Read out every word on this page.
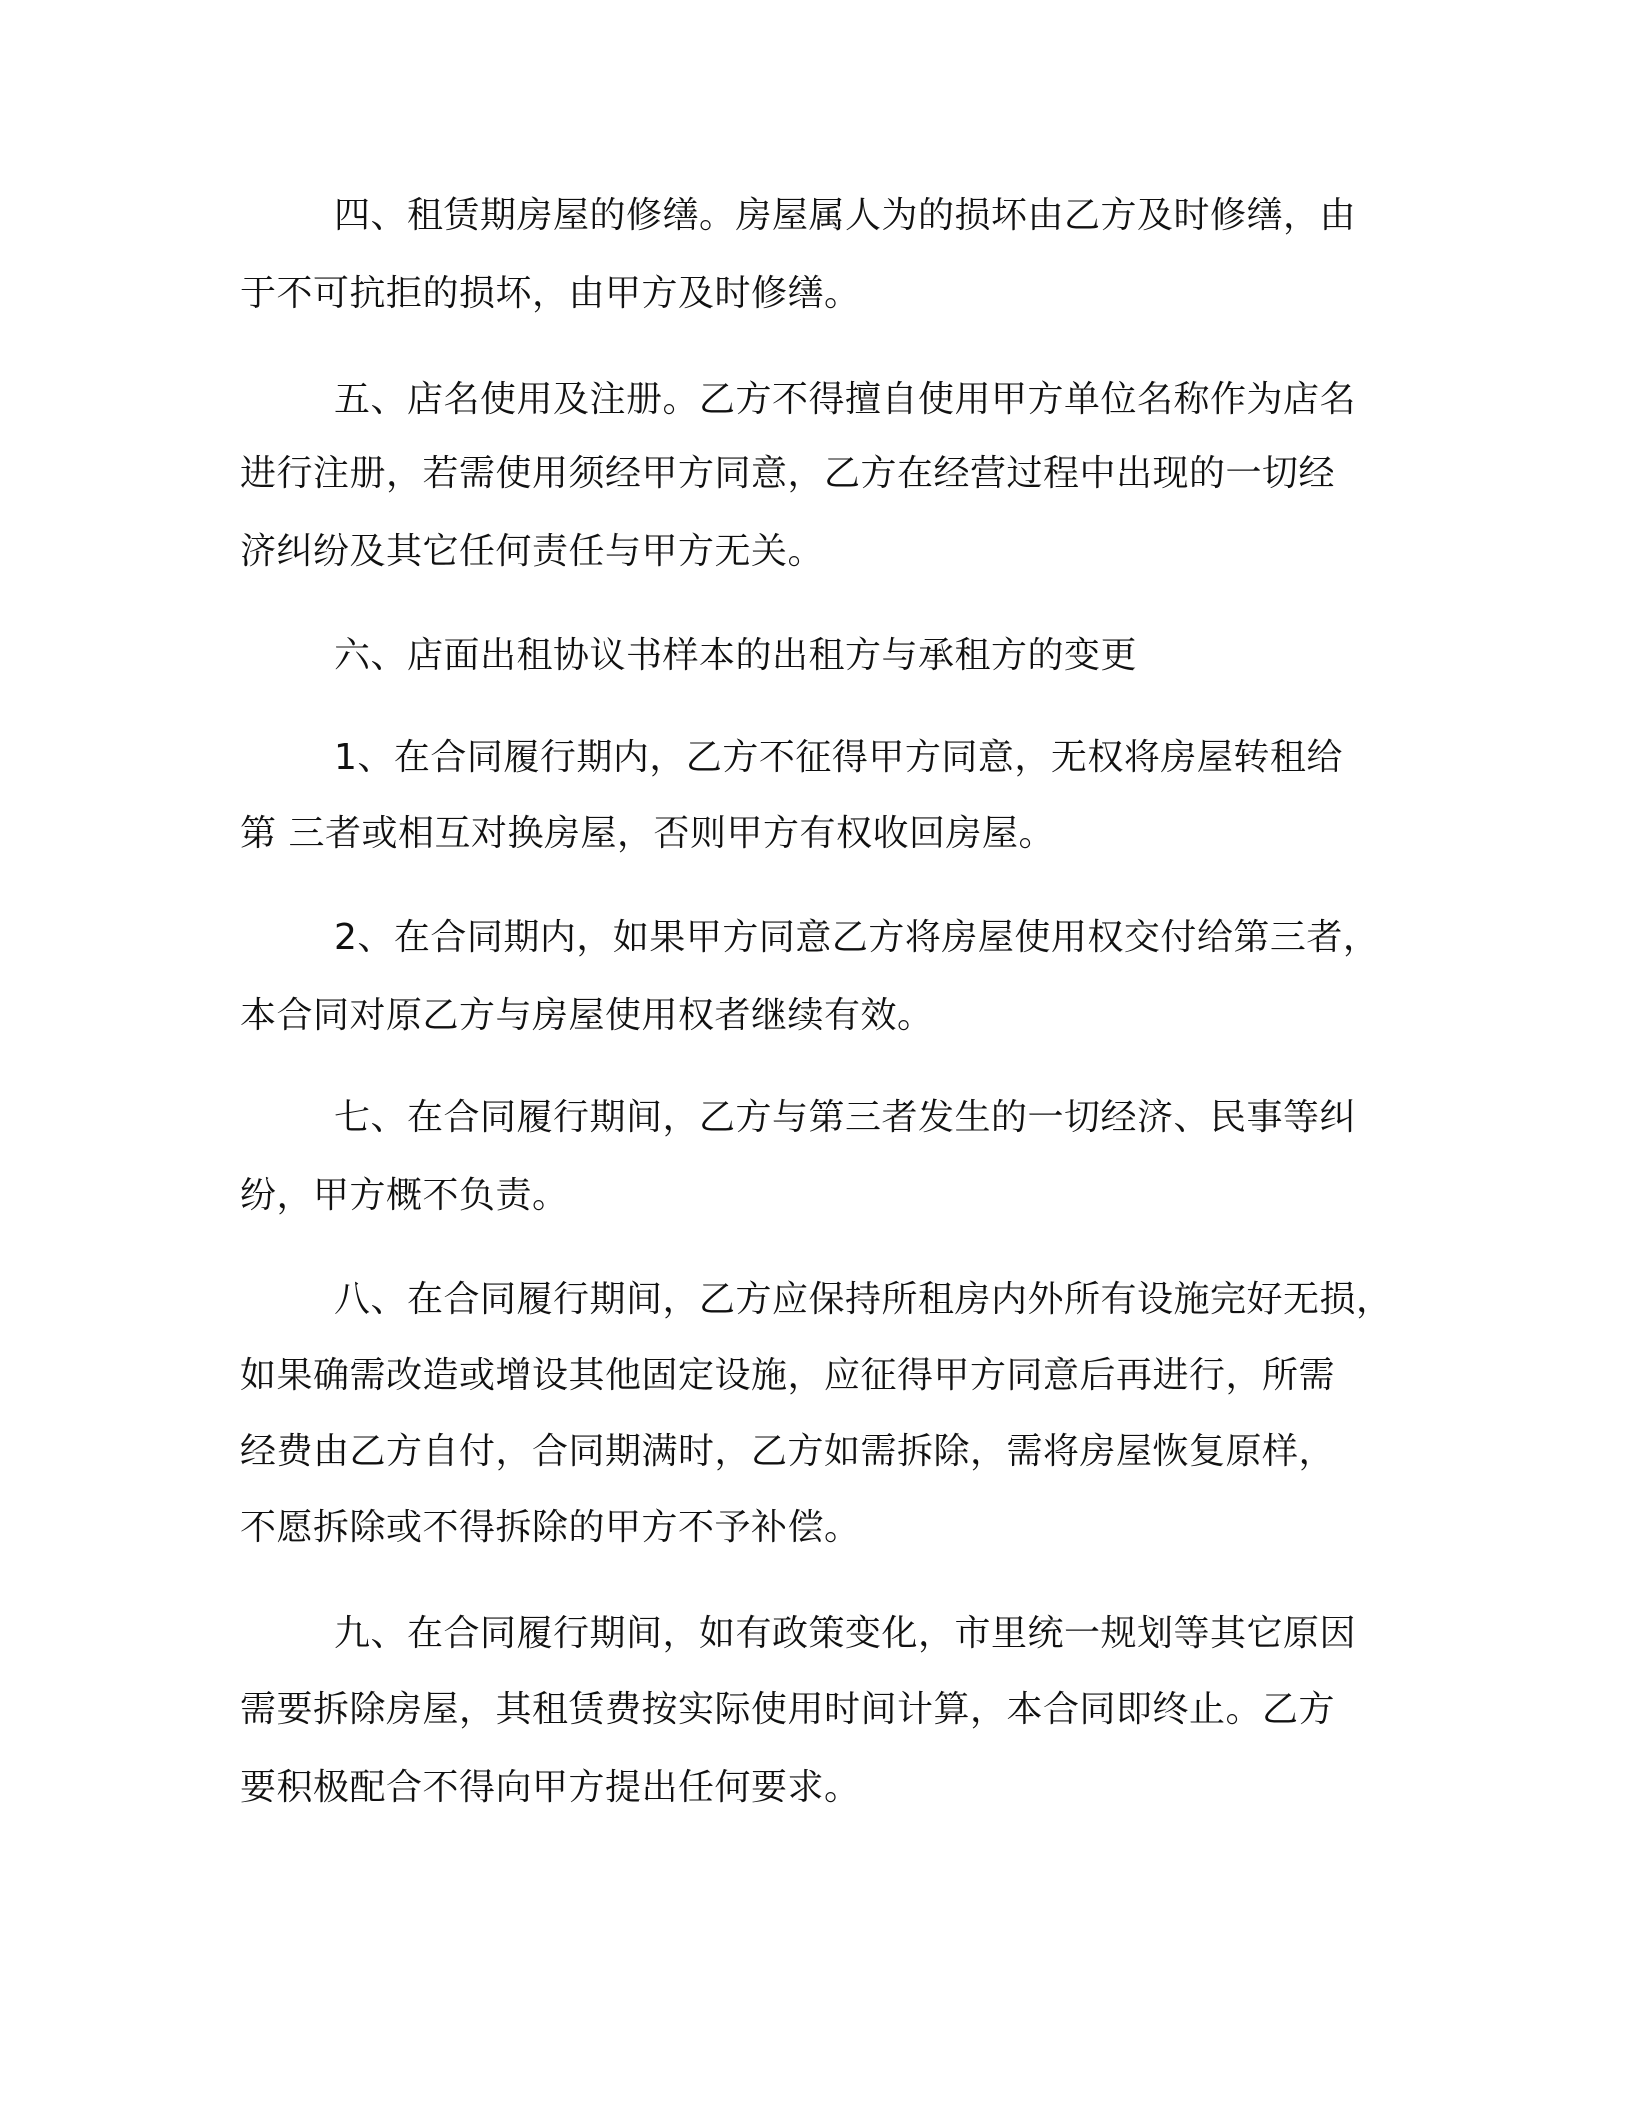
四、租赁期房屋的修缮。房屋属人为的损坏由乙方及时修缮，由
于不可抗拒的损坏，由甲方及时修缮。
五、店名使用及注册。乙方不得擅自使用甲方单位名称作为店名
进行注册，若需使用须经甲方同意，乙方在经营过程中出现的一切经
济纠纷及其它任何责任与甲方无关。
六、店面出租协议书样本的出租方与承租方的变更
1、在合同履行期内，乙方不征得甲方同意，无权将房屋转租给
第 三者或相互对换房屋，否则甲方有权收回房屋。
2、在合同期内，如果甲方同意乙方将房屋使用权交付给第三者，
本合同对原乙方与房屋使用权者继续有效。
七、在合同履行期间，乙方与第三者发生的一切经济、民事等纠
纷，甲方概不负责。
八、在合同履行期间，乙方应保持所租房内外所有设施完好无损，
如果确需改造或增设其他固定设施，应征得甲方同意后再进行，所需
经费由乙方自付，合同期满时，乙方如需拆除，需将房屋恢复原样，
不愿拆除或不得拆除的甲方不予补偿。
九、在合同履行期间，如有政策变化，市里统一规划等其它原因
需要拆除房屋，其租赁费按实际使用时间计算，本合同即终止。乙方
要积极配合不得向甲方提出任何要求。
